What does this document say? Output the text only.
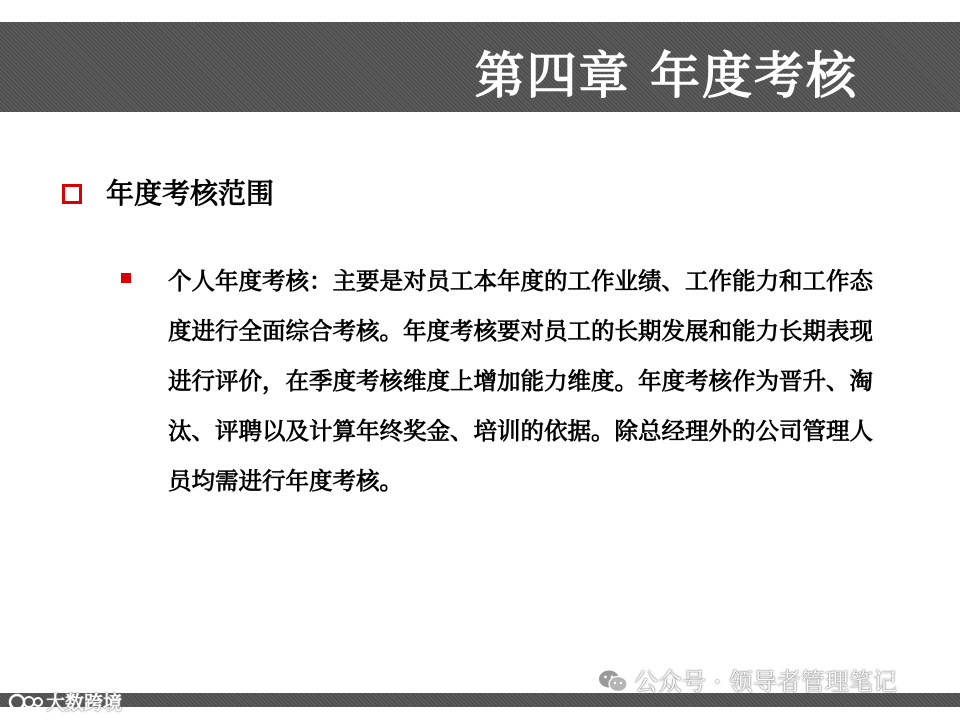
第四章 年度考核
年度考核范围

个人年度考核：主要是对员工本年度的工作业绩、工作能力和工作态度进行全面综合考核。年度考核要对员工的长期发展和能力长期表现进行评价，在季度考核维度上增加能力维度。年度考核作为晋升、淘汰、评聘以及计算年终奖金、培训的依据。除总经理外的公司管理人员均需进行年度考核。

大数跨境
公众号 · 领导者管理笔记
